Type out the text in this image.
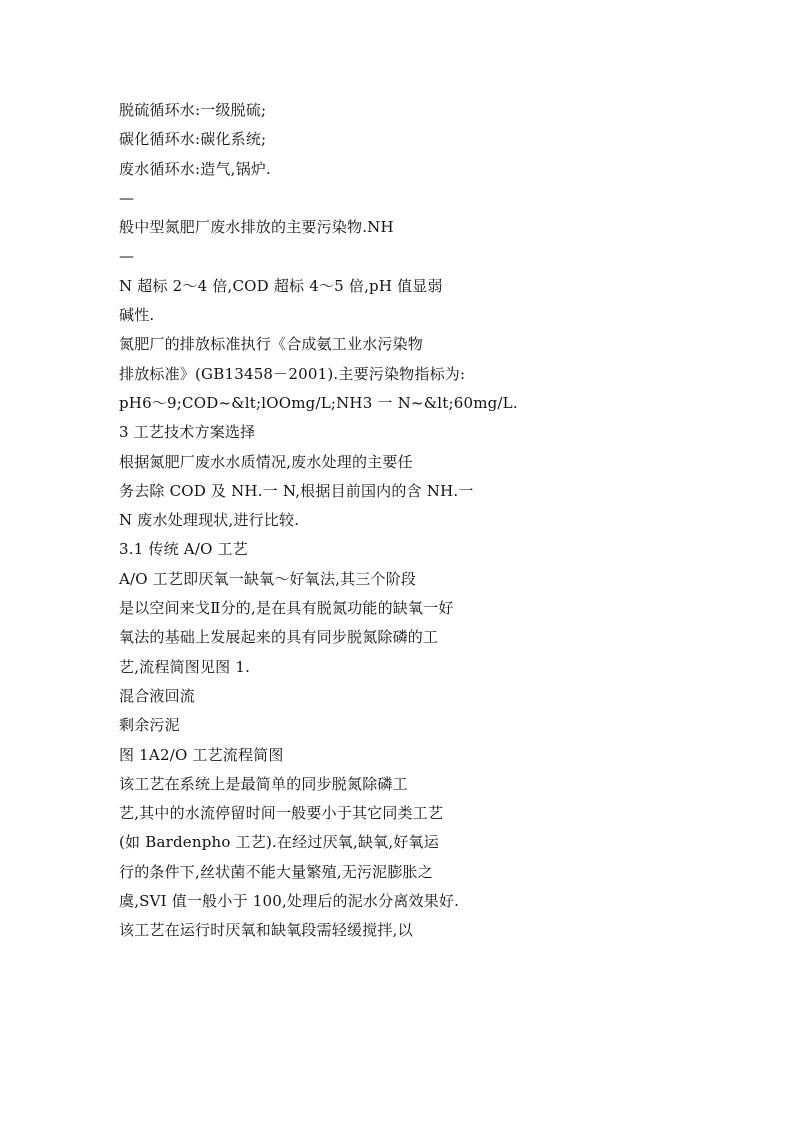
脱硫循环水:一级脱硫;
碳化循环水:碳化系统;
废水循环水:造气,锅炉.
—
般中型氮肥厂废水排放的主要污染物.NH
—
N 超标 2～4 倍,COD 超标 4～5 倍,pH 值显弱
碱性.
氮肥厂的排放标准执行《合成氨工业水污染物
排放标准》(GB13458－2001).主要污染物指标为:
pH6～9;COD~&lt;lOOmg/L;NH3 一 N~&lt;60mg/L.
3 工艺技术方案选择
根据氮肥厂废水水质情况,废水处理的主要任
务去除 COD 及 NH.一 N,根据目前国内的含 NH.一
N 废水处理现状,进行比较.
3.1 传统 A/O 工艺
A/O 工艺即厌氧一缺氧～好氧法,其三个阶段
是以空间来戈Ⅱ分的,是在具有脱氮功能的缺氧一好
氧法的基础上发展起来的具有同步脱氮除磷的工
艺,流程简图见图 1.
混合液回流
剩余污泥
图 1A2/O 工艺流程简图
该工艺在系统上是最简单的同步脱氮除磷工
艺,其中的水流停留时间一般要小于其它同类工艺
(如 Bardenpho 工艺).在经过厌氧,缺氧,好氧运
行的条件下,丝状菌不能大量繁殖,无污泥膨胀之
虞,SVI 值一般小于 100,处理后的泥水分离效果好.
该工艺在运行时厌氧和缺氧段需轻缓搅拌,以
